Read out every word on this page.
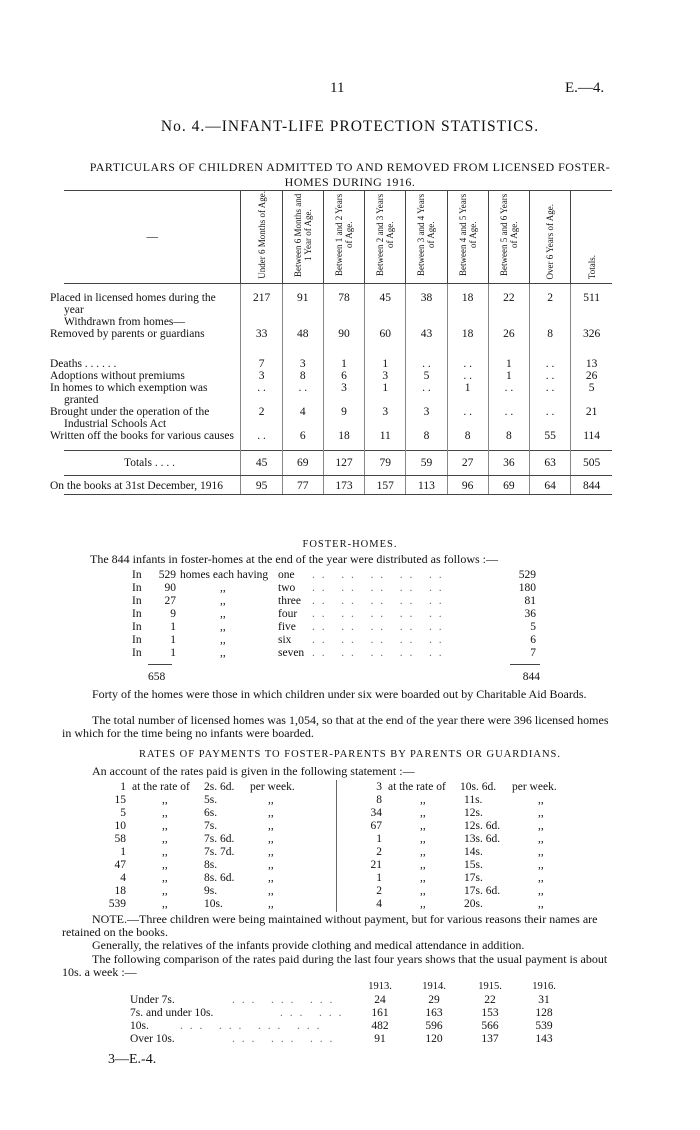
11	E.—4.
No. 4.—INFANT-LIFE PROTECTION STATISTICS.
PARTICULARS OF CHILDREN ADMITTED TO AND REMOVED FROM LICENSED FOSTER-HOMES DURING 1916.
—	Under 6 Months of Age.	Between 6 Months and 1 Year of Age.	Between 1 and 2 Years of Age.	Between 2 and 3 Years of Age.	Between 3 and 4 Years of Age.	Between 4 and 5 Years of Age.	Between 5 and 6 Years of Age.	Over 6 Years of Age.	Totals.

Placed in licensed homes during the year	217	91	78	45	38	18	22	2	511
Withdrawn from homes—									
Removed by parents or guardians	33	48	90	60	43	18	26	8	326
Deaths . . . . . .	7	3	1	1	. .	. .	1	. .	13
Adoptions without premiums	3	8	6	3	5	. .	1	. .	26
In homes to which exemption was granted	. .	. .	3	1	. .	1	. .	. .	5
Brought under the operation of the Industrial Schools Act	2	4	9	3	3	. .	. .	. .	21
Written off the books for various causes	. .	6	18	11	8	8	8	55	114

Totals . . . .	45	69	127	79	59	27	36	63	505
On the books at 31st December, 1916	95	77	173	157	113	96	69	64	844
FOSTER-HOMES.
The 844 infants in foster-homes at the end of the year were distributed as follows :—
In	529 homes each having one . .   . .   . .   . .   . .	529
In	90	,,	two . .   . .   . .   . .   . .	180
In	27	,,	three . .   . .   . .   . .   . .	81
In	9	,,	four . .   . .   . .   . .   . .	36
In	1	,,	five . .   . .   . .   . .   . .	5
In	1	,,	six . .   . .   . .   . .   . .	6
In	1	,,	seven . .   . .   . .   . .   . .	7
658	844
Forty of the homes were those in which children under six were boarded out by Charitable Aid Boards.
The total number of licensed homes was 1,054, so that at the end of the year there were 396 licensed homes in which for the time being no infants were boarded.
RATES OF PAYMENTS TO FOSTER-PARENTS BY PARENTS OR GUARDIANS.
An account of the rates paid is given in the following statement :—
1 at the rate of 2s. 6d. per week.
15	,,	5s.	,,
5	,,	6s.	,,
10	,,	7s.	,,
58	,,	7s. 6d.	,,
1	,,	7s. 7d.	,,
47	,,	8s.	,,
4	,,	8s. 6d.	,,
18	,,	9s.	,,
539	,,	10s.	,,
3 at the rate of 10s. 6d. per week.
8	,,	11s.	,,
34	,,	12s.	,,
67	,,	12s. 6d.	,,
1	,,	13s. 6d.	,,
2	,,	14s.	,,
21	,,	15s.	,,
1	,,	17s.	,,
2	,,	17s. 6d.	,,
4	,,	20s.	,,
NOTE.—Three children were being maintained without payment, but for various reasons their names are retained on the books.
Generally, the relatives of the infants provide clothing and medical attendance in addition.
The following comparison of the rates paid during the last four years shows that the usual payment is about 10s. a week :—
1913.	1914.	1915.	1916.
Under 7s.	. . .   . . .   . . .	24	29	22	31
7s. and under 10s.	. . .   . . .	161	163	153	128
10s.	. . .   . . .   . . .   . . .	482	596	566	539
Over 10s.	. . .   . . .   . . .	91	120	137	143
3—E.-4.
